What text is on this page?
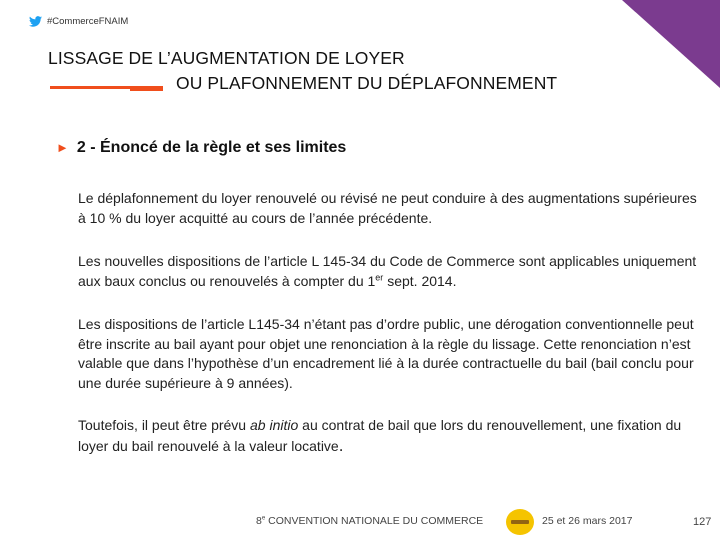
#CommerceFNAIM
LISSAGE DE L’AUGMENTATION DE LOYER
OU PLAFONNEMENT DU DÉPLAFONNEMENT
► 2 - Énoncé de la règle et ses limites

Le déplafonnement du loyer renouvelé ou révisé ne peut conduire à des augmentations supérieures à 10 % du loyer acquitté au cours de l’année précédente.

Les nouvelles dispositions de l’article L 145-34 du Code de Commerce sont applicables uniquement aux baux conclus ou renouvelés à compter du 1er sept. 2014.

Les dispositions de l’article L145-34 n’étant pas d’ordre public, une dérogation conventionnelle peut être inscrite au bail ayant pour objet une renonciation à la règle du lissage. Cette renonciation n’est valable que dans l’hypothèse d’un encadrement lié à la durée contractuelle du bail (bail conclu pour une durée supérieure à 9 années).

Toutefois, il peut être prévu ab initio au contrat de bail que lors du renouvellement, une fixation du loyer du bail renouvelé à la valeur locative.

8e CONVENTION NATIONALE DU COMMERCE	25 et 26 mars 2017	127
